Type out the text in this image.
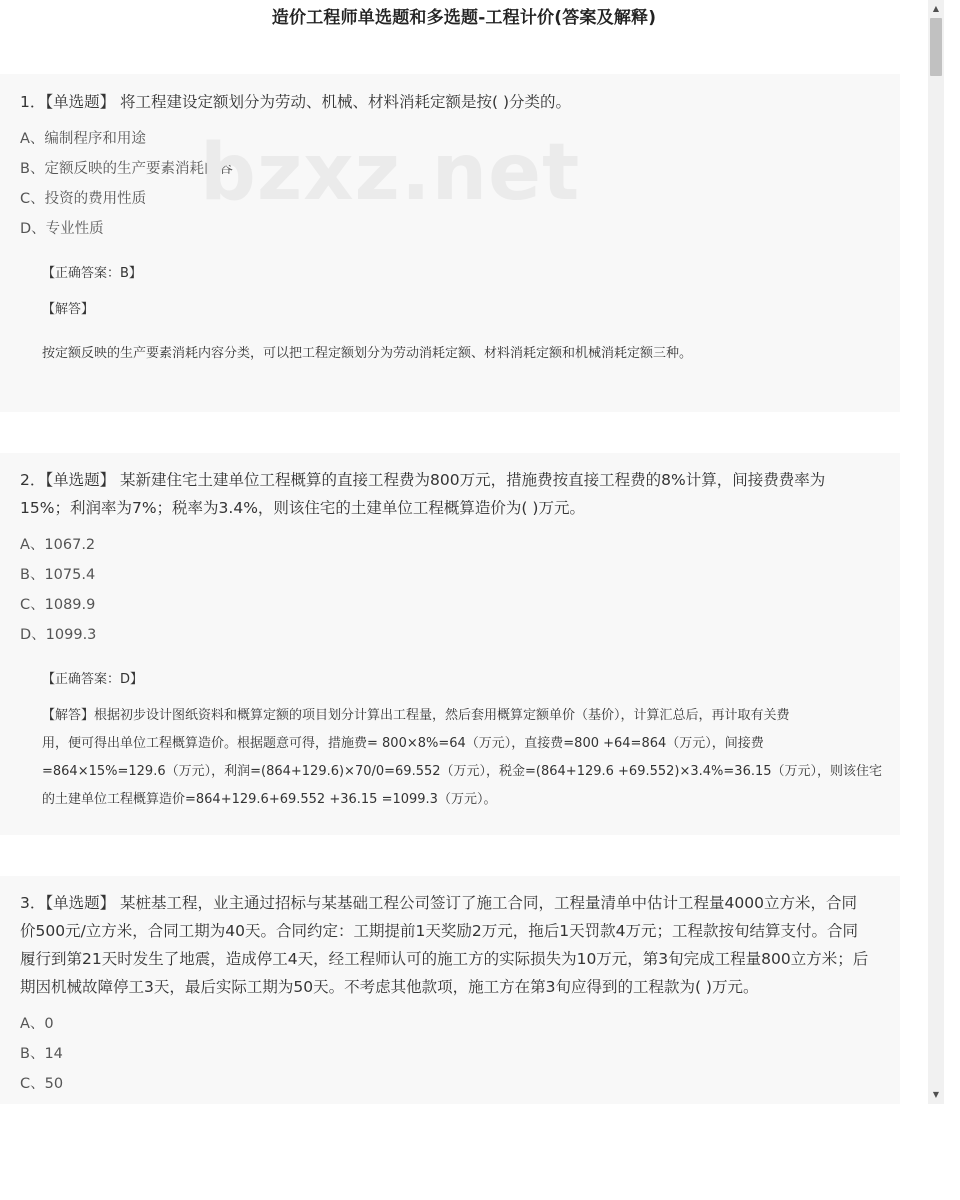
造价工程师单选题和多选题-工程计价(答案及解释)

1．【单选题】 将工程建设定额划分为劳动、机械、材料消耗定额是按( )分类的。

A、编制程序和用途
B、定额反映的生产要素消耗内容
C、投资的费用性质
D、专业性质
【正确答案：B】
【解答】
按定额反映的生产要素消耗内容分类，可以把工程定额划分为劳动消耗定额、材料消耗定额和机械消耗定额三种。

2．【单选题】 某新建住宅土建单位工程概算的直接工程费为800万元，措施费按直接工程费的8%计算，间接费费率为
15%；利润率为7%；税率为3.4%，则该住宅的土建单位工程概算造价为( )万元。

A、1067.2
B、1075.4
C、1089.9
D、1099.3
【正确答案：D】
【解答】根据初步设计图纸资料和概算定额的项目划分计算出工程量，然后套用概算定额单价（基价），计算汇总后，再计取有关费
用，便可得出单位工程概算造价。根据题意可得，措施费= 800×8%=64（万元），直接费=800 +64=864（万元），间接费
=864×15%=129.6（万元），利润=(864+129.6)×70/0=69.552（万元），税金=(864+129.6 +69.552)×3.4%=36.15（万元），则该住宅
的土建单位工程概算造价=864+129.6+69.552 +36.15 =1099.3（万元）。

3．【单选题】 某桩基工程，业主通过招标与某基础工程公司签订了施工合同，工程量清单中估计工程量4000立方米，合同
价500元/立方米，合同工期为40天。合同约定：工期提前1天奖励2万元，拖后1天罚款4万元；工程款按旬结算支付。合同
履行到第21天时发生了地震，造成停工4天，经工程师认可的施工方的实际损失为10万元，第3旬完成工程量800立方米；后
期因机械故障停工3天，最后实际工期为50天。不考虑其他款项，施工方在第3旬应得到的工程款为( )万元。

A、0
B、14
C、50
bzxz.net
▲
▼
